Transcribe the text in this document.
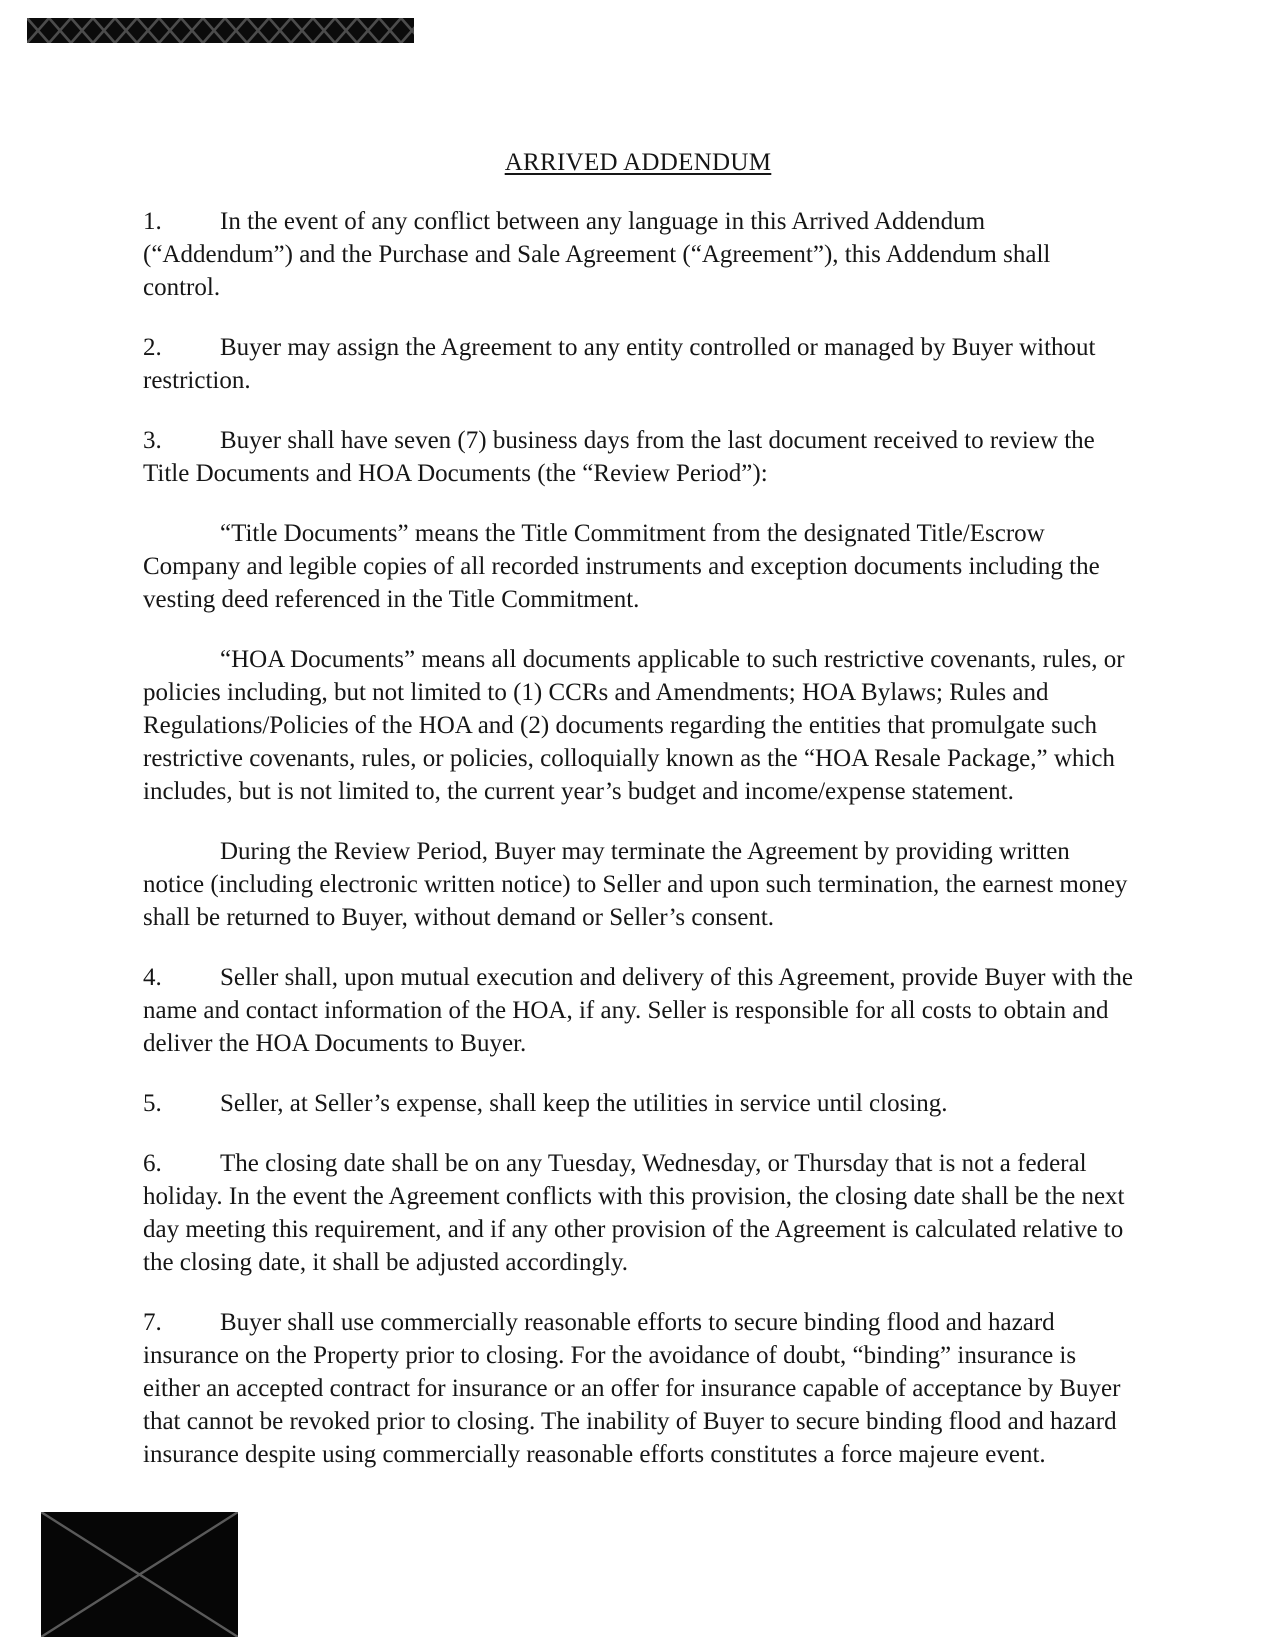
ARRIVED ADDENDUM

1. In the event of any conflict between any language in this Arrived Addendum (“Addendum”) and the Purchase and Sale Agreement (“Agreement”), this Addendum shall control.

2. Buyer may assign the Agreement to any entity controlled or managed by Buyer without restriction.

3. Buyer shall have seven (7) business days from the last document received to review the Title Documents and HOA Documents (the “Review Period”):

“Title Documents” means the Title Commitment from the designated Title/Escrow Company and legible copies of all recorded instruments and exception documents including the vesting deed referenced in the Title Commitment.

“HOA Documents” means all documents applicable to such restrictive covenants, rules, or policies including, but not limited to (1) CCRs and Amendments; HOA Bylaws; Rules and Regulations/Policies of the HOA and (2) documents regarding the entities that promulgate such restrictive covenants, rules, or policies, colloquially known as the “HOA Resale Package,” which includes, but is not limited to, the current year’s budget and income/expense statement.

During the Review Period, Buyer may terminate the Agreement by providing written notice (including electronic written notice) to Seller and upon such termination, the earnest money shall be returned to Buyer, without demand or Seller’s consent.

4. Seller shall, upon mutual execution and delivery of this Agreement, provide Buyer with the name and contact information of the HOA, if any. Seller is responsible for all costs to obtain and deliver the HOA Documents to Buyer.

5. Seller, at Seller’s expense, shall keep the utilities in service until closing.

6. The closing date shall be on any Tuesday, Wednesday, or Thursday that is not a federal holiday. In the event the Agreement conflicts with this provision, the closing date shall be the next day meeting this requirement, and if any other provision of the Agreement is calculated relative to the closing date, it shall be adjusted accordingly.

7. Buyer shall use commercially reasonable efforts to secure binding flood and hazard insurance on the Property prior to closing. For the avoidance of doubt, “binding” insurance is either an accepted contract for insurance or an offer for insurance capable of acceptance by Buyer that cannot be revoked prior to closing. The inability of Buyer to secure binding flood and hazard insurance despite using commercially reasonable efforts constitutes a force majeure event.
